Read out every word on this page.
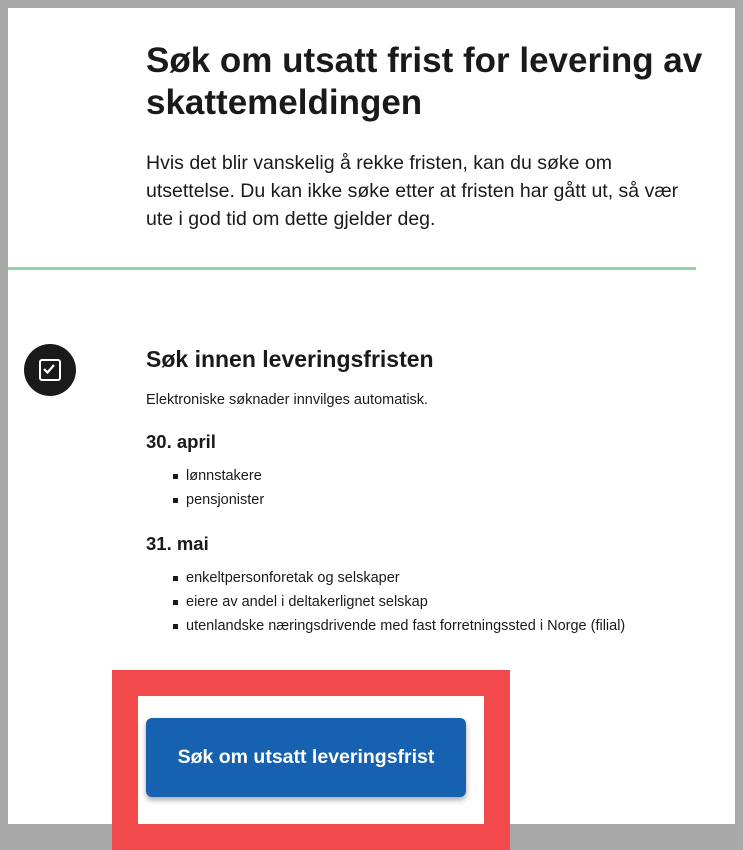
Søk om utsatt frist for levering av skattemeldingen

Hvis det blir vanskelig å rekke fristen, kan du søke om utsettelse. Du kan ikke søke etter at fristen har gått ut, så vær ute i god tid om dette gjelder deg.

Søk innen leveringsfristen

Elektroniske søknader innvilges automatisk.

30. april
lønnstakere
pensjonister
31. mai
enkeltpersonforetak og selskaper
eiere av andel i deltakerlignet selskap
utenlandske næringsdrivende med fast forretningssted i Norge (filial)
Søk om utsatt leveringsfrist
